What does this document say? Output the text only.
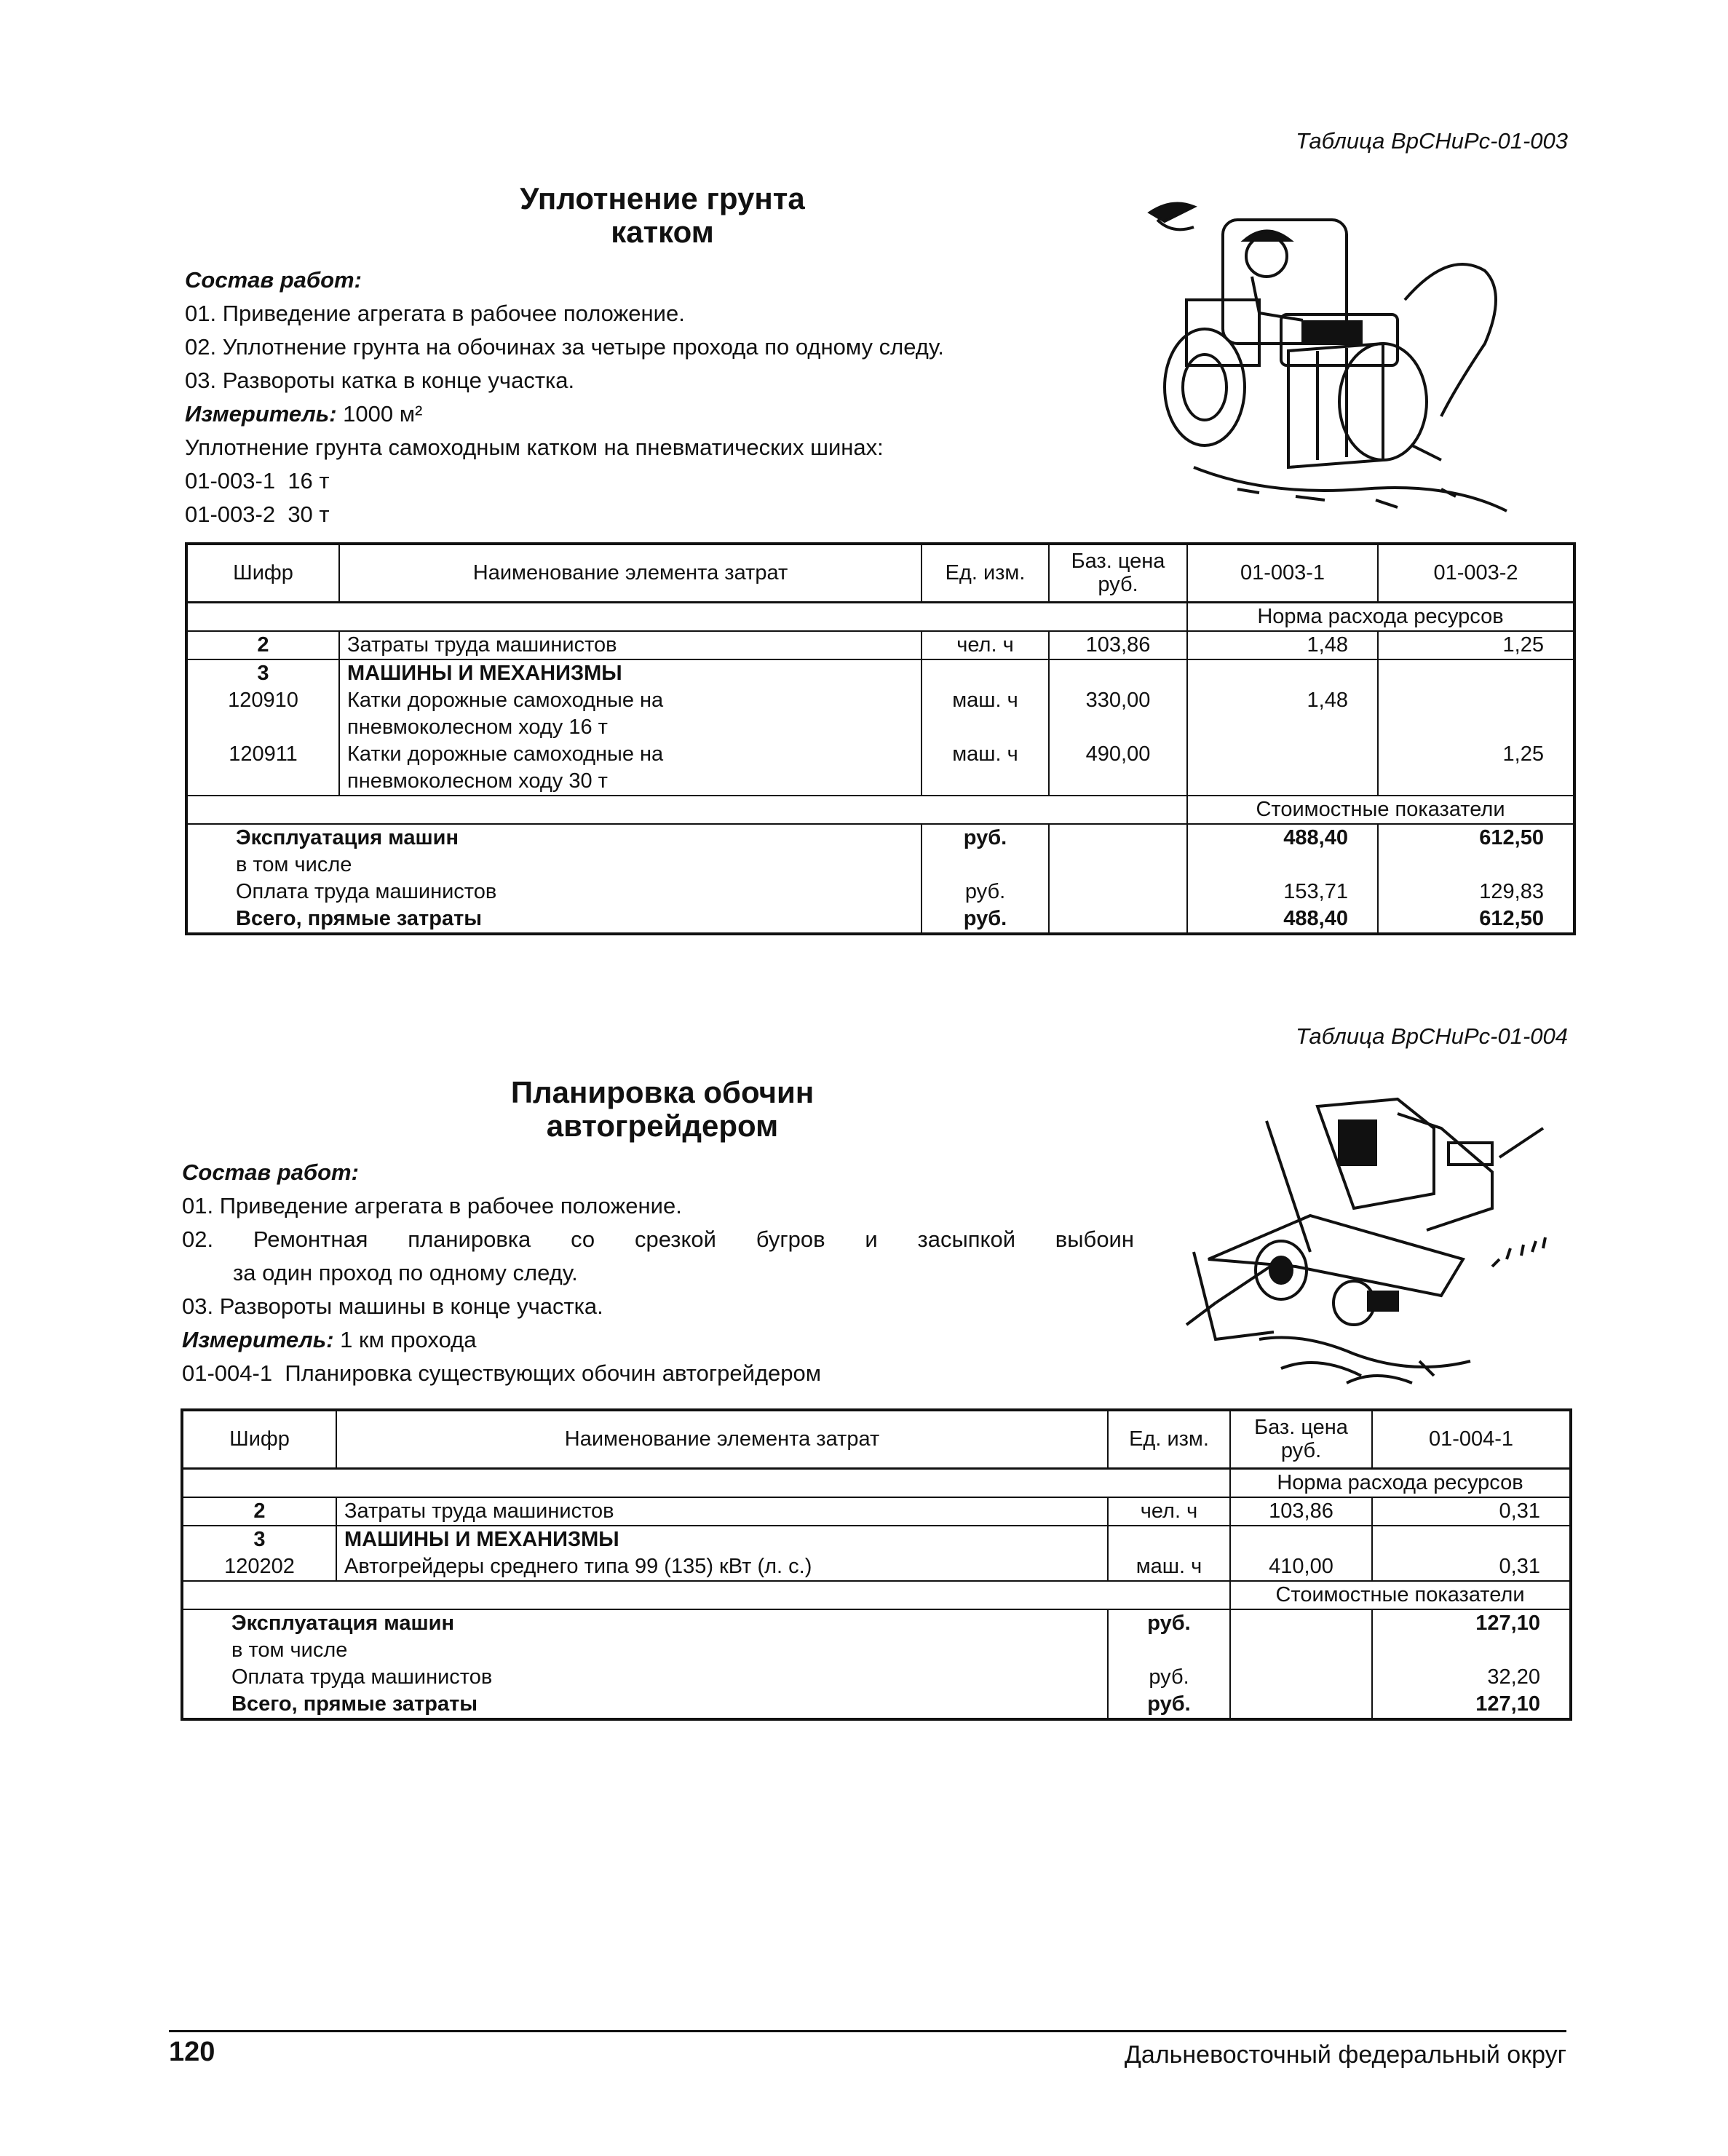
Таблица ВрСНиРс-01-003
Уплотнение грунта
катком
Состав работ:
01. Приведение агрегата в рабочее положение.
02. Уплотнение грунта на обочинах за четыре прохода по одному следу.
03. Развороты катка в конце участка.
Измеритель: 1000 м²
Уплотнение грунта самоходным катком на пневматических шинах:
01-003-1  16 т
01-003-2  30 т
Шифр	Наименование элемента затрат	Ед. изм.	Баз. цена руб.	01-003-1	01-003-2
				Норма расхода ресурсов	
2	Затраты труда машинистов	чел. ч	103,86	1,48	1,25
3	МАШИНЫ И МЕХАНИЗМЫ				
120910	Катки дорожные самоходные на
пневмоколесном ходу 16 т	маш. ч	330,00	1,48	
120911	Катки дорожные самоходные на
пневмоколесном ходу 30 т	маш. ч	490,00		1,25
				Стоимостные показатели	
Эксплуатация машин		руб.		488,40	612,50
в том числе					
Оплата труда машинистов		руб.		153,71	129,83
Всего, прямые затраты		руб.		488,40	612,50
Таблица ВрСНиРс-01-004
Планировка обочин
автогрейдером
Состав работ:
01. Приведение агрегата в рабочее положение.
02. Ремонтная планировка со срезкой бугров и засыпкой выбоин
за один проход по одному следу.
03. Развороты машины в конце участка.
Измеритель: 1 км прохода
01-004-1  Планировка существующих обочин автогрейдером
Шифр	Наименование элемента затрат	Ед. изм.	Баз. цена руб.	01-004-1
			Норма расхода ресурсов	
2	Затраты труда машинистов	чел. ч	103,86	0,31
3	МАШИНЫ И МЕХАНИЗМЫ			
120202	Автогрейдеры среднего типа 99 (135) кВт (л. с.)	маш. ч	410,00	0,31
			Стоимостные показатели	
Эксплуатация машин		руб.		127,10
в том числе				
Оплата труда машинистов		руб.		32,20
Всего, прямые затраты		руб.		127,10
120	Дальневосточный федеральный округ
